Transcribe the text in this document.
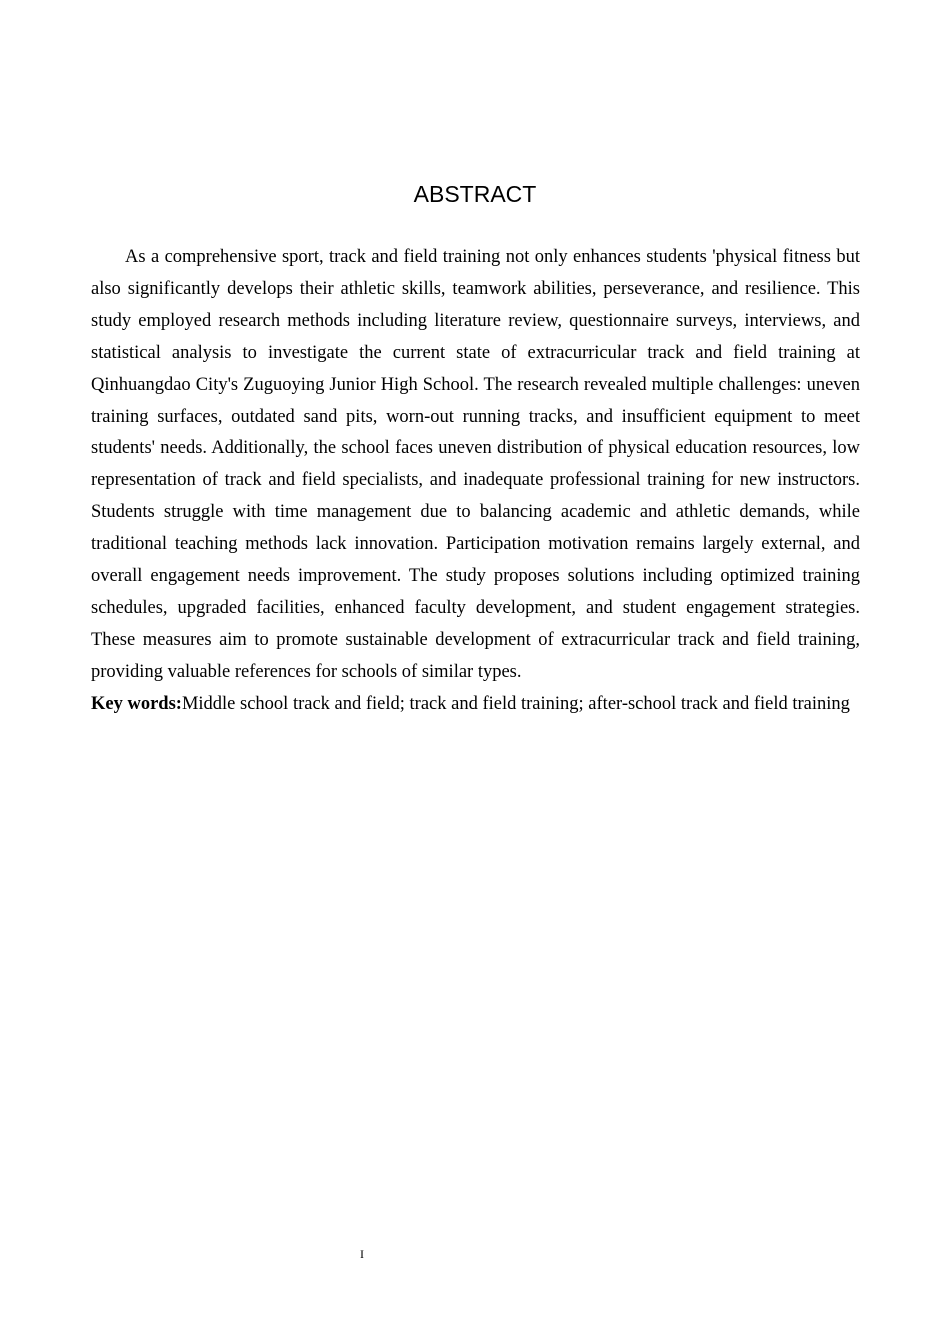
ABSTRACT

As a comprehensive sport, track and field training not only enhances students 'physical fitness but also significantly develops their athletic skills, teamwork abilities, perseverance, and resilience. This study employed research methods including literature review, questionnaire surveys, interviews, and statistical analysis to investigate the current state of extracurricular track and field training at Qinhuangdao City's Zuguoying Junior High School. The research revealed multiple challenges: uneven training surfaces, outdated sand pits, worn-out running tracks, and insufficient equipment to meet students' needs. Additionally, the school faces uneven distribution of physical education resources, low representation of track and field specialists, and inadequate professional training for new instructors. Students struggle with time management due to balancing academic and athletic demands, while traditional teaching methods lack innovation. Participation motivation remains largely external, and overall engagement needs improvement. The study proposes solutions including optimized training schedules, upgraded facilities, enhanced faculty development, and student engagement strategies. These measures aim to promote sustainable development of extracurricular track and field training, providing valuable references for schools of similar types.

Key words:Middle school track and field; track and field training; after-school track and field training

I
